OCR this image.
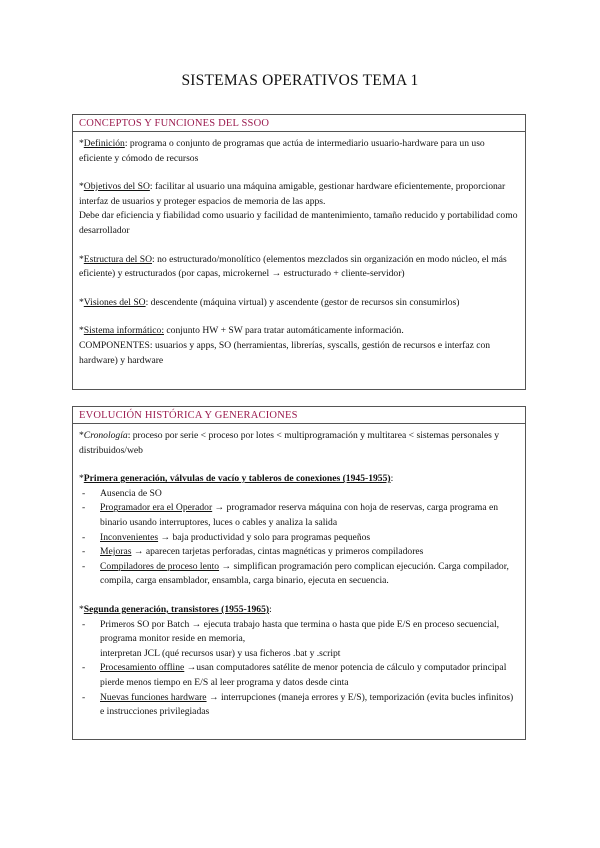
SISTEMAS OPERATIVOS TEMA 1
CONCEPTOS Y FUNCIONES DEL SSOO

*Definición: programa o conjunto de programas que actúa de intermediario usuario-hardware para un uso eficiente y cómodo de recursos

*Objetivos del SO: facilitar al usuario una máquina amigable, gestionar hardware eficientemente, proporcionar interfaz de usuarios y proteger espacios de memoria de las apps.
Debe dar eficiencia y fiabilidad como usuario y facilidad de mantenimiento, tamaño reducido y portabilidad como desarrollador

*Estructura del SO: no estructurado/monolítico (elementos mezclados sin organización en modo núcleo, el más eficiente) y estructurados (por capas, microkernel → estructurado + cliente-servidor)

*Visiones del SO: descendente (máquina virtual) y ascendente (gestor de recursos sin consumirlos)

*Sistema informático: conjunto HW + SW para tratar automáticamente información.
COMPONENTES: usuarios y apps, SO (herramientas, librerías, syscalls, gestión de recursos e interfaz con hardware) y hardware

EVOLUCIÓN HISTÓRICA Y GENERACIONES

*Cronología: proceso por serie < proceso por lotes < multiprogramación y multitarea < sistemas personales y distribuidos/web

*Primera generación, válvulas de vacío y tableros de conexiones (1945-1955):
- Ausencia de SO
- Programador era el Operador → programador reserva máquina con hoja de reservas, carga programa en binario usando interruptores, luces o cables y analiza la salida
- Inconvenientes → baja productividad y solo para programas pequeños
- Mejoras → aparecen tarjetas perforadas, cintas magnéticas y primeros compiladores
- Compiladores de proceso lento → simplifican programación pero complican ejecución. Carga compilador, compila, carga ensamblador, ensambla, carga binario, ejecuta en secuencia.
*Segunda generación, transistores (1955-1965):
- Primeros SO por Batch → ejecuta trabajo hasta que termina o hasta que pide E/S en proceso secuencial, programa monitor reside en memoria,
interpretan JCL (qué recursos usar) y usa ficheros .bat y .script
- Procesamiento offline →usan computadores satélite de menor potencia de cálculo y computador principal pierde menos tiempo en E/S al leer programa y datos desde cinta
- Nuevas funciones hardware → interrupciones (maneja errores y E/S), temporización (evita bucles infinitos) e instrucciones privilegiadas
